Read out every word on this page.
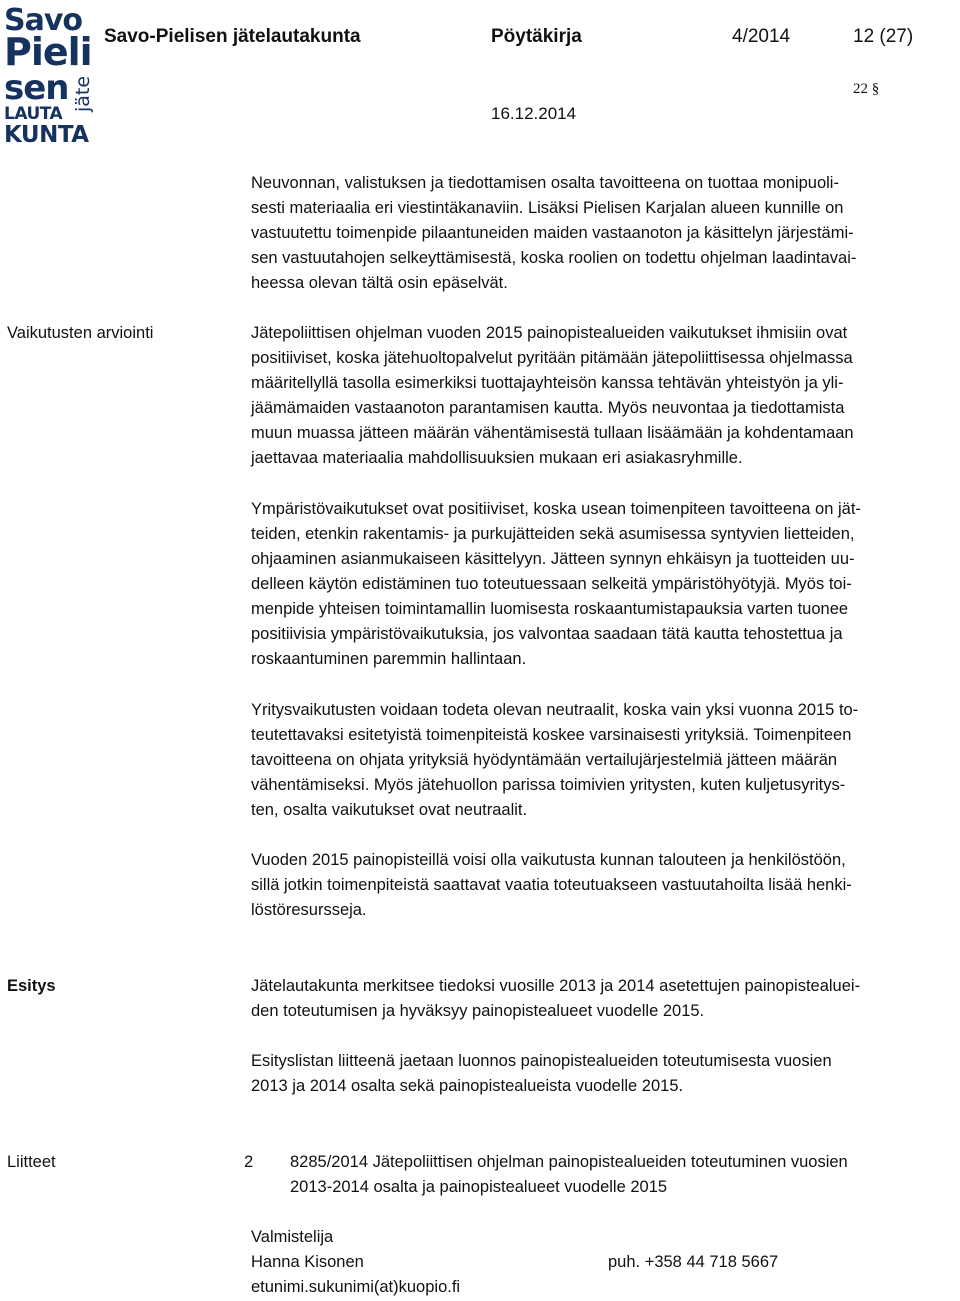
Savo
Pieli
sen
LAUTA
KUNTA
jäte
Savo-Pielisen jätelautakunta	Pöytäkirja	4/2014	12 (27)
22 §
16.12.2014

Neuvonnan, valistuksen ja tiedottamisen osalta tavoitteena on tuottaa monipuoli-
sesti materiaalia eri viestintäkanaviin. Lisäksi Pielisen Karjalan alueen kunnille on
vastuutettu toimenpide pilaantuneiden maiden vastaanoton ja käsittelyn järjestämi-
sen vastuutahojen selkeyttämisestä, koska roolien on todettu ohjelman laadintavai-
heessa olevan tältä osin epäselvät.

Vaikutusten arviointi	Jätepoliittisen ohjelman vuoden 2015 painopistealueiden vaikutukset ihmisiin ovat
positiiviset, koska jätehuoltopalvelut pyritään pitämään jätepoliittisessa ohjelmassa
määritellyllä tasolla esimerkiksi tuottajayhteisön kanssa tehtävän yhteistyön ja yli-
jäämämaiden vastaanoton parantamisen kautta. Myös neuvontaa ja tiedottamista
muun muassa jätteen määrän vähentämisestä tullaan lisäämään ja kohdentamaan
jaettavaa materiaalia mahdollisuuksien mukaan eri asiakasryhmille.

Ympäristövaikutukset ovat positiiviset, koska usean toimenpiteen tavoitteena on jät-
teiden, etenkin rakentamis- ja purkujätteiden sekä asumisessa syntyvien lietteiden,
ohjaaminen asianmukaiseen käsittelyyn. Jätteen synnyn ehkäisyn ja tuotteiden uu-
delleen käytön edistäminen tuo toteutuessaan selkeitä ympäristöhyötyjä. Myös toi-
menpide yhteisen toimintamallin luomisesta roskaantumistapauksia varten tuonee
positiivisia ympäristövaikutuksia, jos valvontaa saadaan tätä kautta tehostettua ja
roskaantuminen paremmin hallintaan.

Yritysvaikutusten voidaan todeta olevan neutraalit, koska vain yksi vuonna 2015 to-
teutettavaksi esitetyistä toimenpiteistä koskee varsinaisesti yrityksiä. Toimenpiteen
tavoitteena on ohjata yrityksiä hyödyntämään vertailujärjestelmiä jätteen määrän
vähentämiseksi. Myös jätehuollon parissa toimivien yritysten, kuten kuljetusyritys-
ten, osalta vaikutukset ovat neutraalit.

Vuoden 2015 painopisteillä voisi olla vaikutusta kunnan talouteen ja henkilöstöön,
sillä jotkin toimenpiteistä saattavat vaatia toteutuakseen vastuutahoilta lisää henki-
löstöresursseja.

Esitys	Jätelautakunta merkitsee tiedoksi vuosille 2013 ja 2014 asetettujen painopistealuei-
den toteutumisen ja hyväksyy painopistealueet vuodelle 2015.

Esityslistan liitteenä jaetaan luonnos painopistealueiden toteutumisesta vuosien
2013 ja 2014 osalta sekä painopistealueista vuodelle 2015.

Liitteet	2 8285/2014 Jätepoliittisen ohjelman painopistealueiden toteutuminen vuosien
2013-2014 osalta ja painopistealueet vuodelle 2015

Valmistelija
Hanna Kisonen
etunimi.sukunimi(at)kuopio.fi

puh. +358 44 718 5667
